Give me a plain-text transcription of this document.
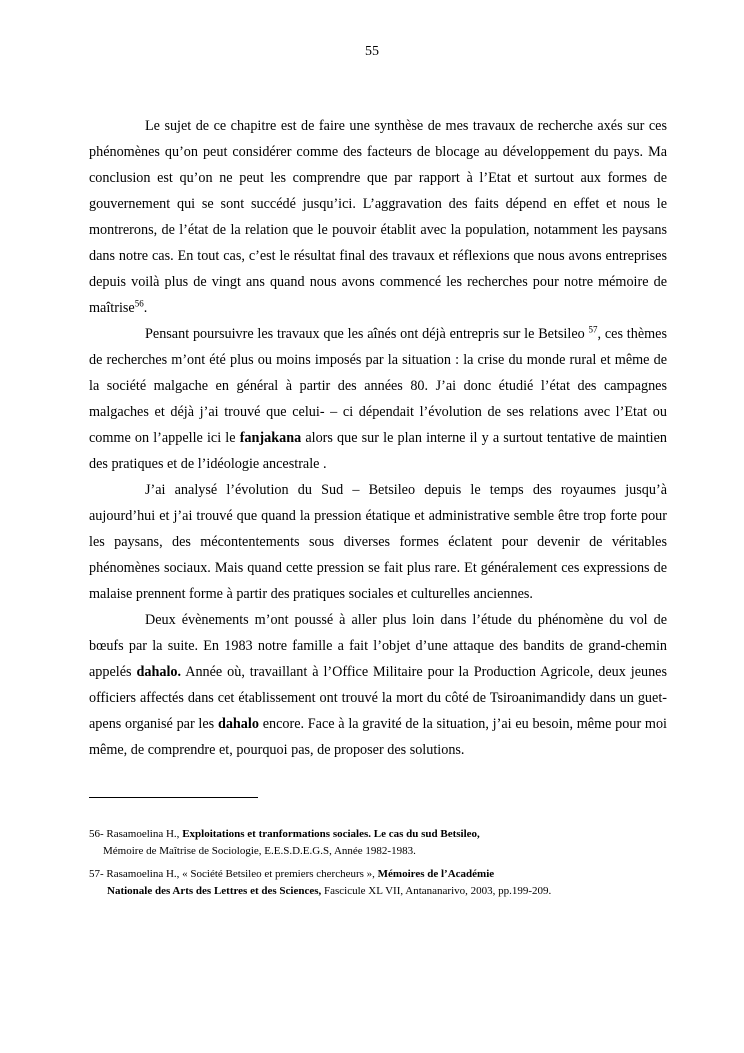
55

Le sujet de ce chapitre est de faire une synthèse de mes travaux de recherche axés sur ces phénomènes qu’on peut considérer comme des facteurs de blocage au développement du pays. Ma conclusion est qu’on ne peut les comprendre que par rapport à l’Etat et surtout aux formes de gouvernement qui se sont succédé jusqu’ici. L’aggravation des faits dépend en effet et nous le montrerons, de l’état de la relation que le pouvoir établit avec la population, notamment les paysans dans notre cas. En tout cas, c’est le résultat final des travaux et réflexions que nous avons entreprises depuis voilà plus de vingt ans quand nous avons commencé les recherches pour notre mémoire de maîtrise$^{56}$.

Pensant poursuivre les travaux que les aînés ont déjà entrepris sur le Betsileo $^{57}$, ces thèmes de recherches m’ont été plus ou moins imposés par la situation : la crise du monde rural et même de la société malgache en général à partir des années 80. J’ai donc étudié l’état des campagnes malgaches et déjà j’ai trouvé que celui- – ci dépendait l’évolution de ses relations avec l’Etat ou comme on l’appelle ici le fanjakana alors que sur le plan interne il y a surtout tentative de maintien des pratiques et de l’idéologie ancestrale .

J’ai analysé l’évolution du Sud – Betsileo depuis le temps des royaumes jusqu’à aujourd’hui et j’ai trouvé que quand la pression étatique et administrative semble être trop forte pour les paysans, des mécontentements sous diverses formes éclatent pour devenir de véritables phénomènes sociaux. Mais quand cette pression se fait plus rare. Et généralement ces expressions de malaise prennent forme à partir des pratiques sociales et culturelles anciennes.

Deux évènements m’ont poussé à aller plus loin dans l’étude du phénomène du vol de bœufs par la suite. En 1983 notre famille a fait l’objet d’une attaque des bandits de grand-chemin appelés dahalo. Année où, travaillant à l’Office Militaire pour la Production Agricole, deux jeunes officiers affectés dans cet établissement ont trouvé la mort du côté de Tsiroanimandidy dans un guet-apens organisé par les dahalo encore. Face à la gravité de la situation, j’ai eu besoin, même pour moi même, de comprendre et, pourquoi pas, de proposer des solutions.

56- Rasamoelina H., Exploitations et tranformations sociales. Le cas du sud Betsileo,
Mémoire de Maîtrise de Sociologie, E.E.S.D.E.G.S, Année 1982-1983.
57- Rasamoelina H., « Société Betsileo et premiers chercheurs », Mémoires de l’Académie
Nationale des Arts des Lettres et des Sciences, Fascicule XL VII, Antananarivo, 2003, pp.199-209.
